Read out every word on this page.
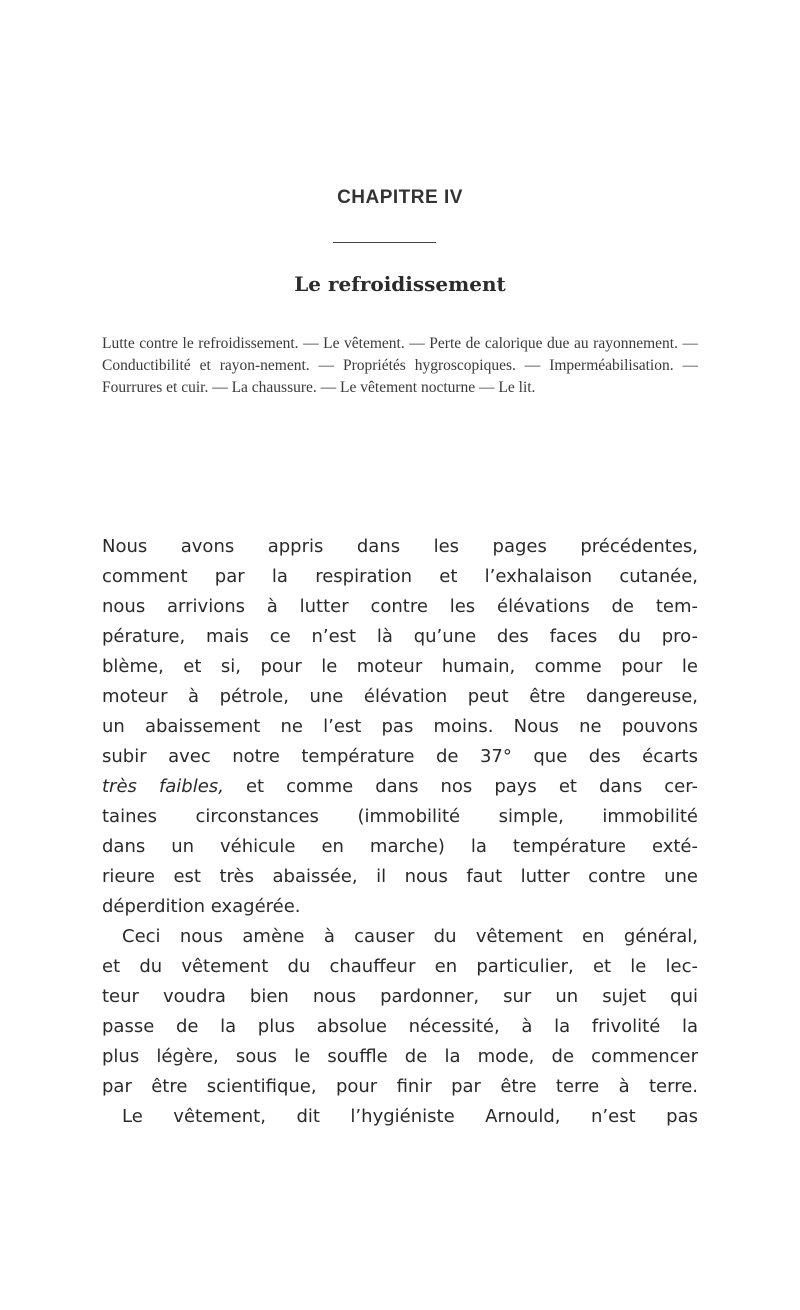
CHAPITRE IV
Le refroidissement

Lutte contre le refroidissement. — Le vêtement. — Perte de calorique due au rayonnement. — Conductibilité et rayon-nement. — Propriétés hygroscopiques. — Imperméabilisation. — Fourrures et cuir. — La chaussure. — Le vêtement nocturne — Le lit.

Nous avons appris dans les pages précédentes,
comment par la respiration et l’exhalaison cutanée,
nous arrivions à lutter contre les élévations de tem-
pérature, mais ce n’est là qu’une des faces du pro-
blème, et si, pour le moteur humain, comme pour le
moteur à pétrole, une élévation peut être dangereuse,
un abaissement ne l’est pas moins. Nous ne pouvons
subir avec notre température de 37° que des écarts
très faibles, et comme dans nos pays et dans cer-
taines circonstances (immobilité simple, immobilité
dans un véhicule en marche) la température exté-
rieure est très abaissée, il nous faut lutter contre une
déperdition exagérée.
Ceci nous amène à causer du vêtement en général,
et du vêtement du chauffeur en particulier, et le lec-
teur voudra bien nous pardonner, sur un sujet qui
passe de la plus absolue nécessité, à la frivolité la
plus légère, sous le souffle de la mode, de commencer
par être scientifique, pour finir par être terre à terre.
Le vêtement, dit l’hygiéniste Arnould, n’est pas
